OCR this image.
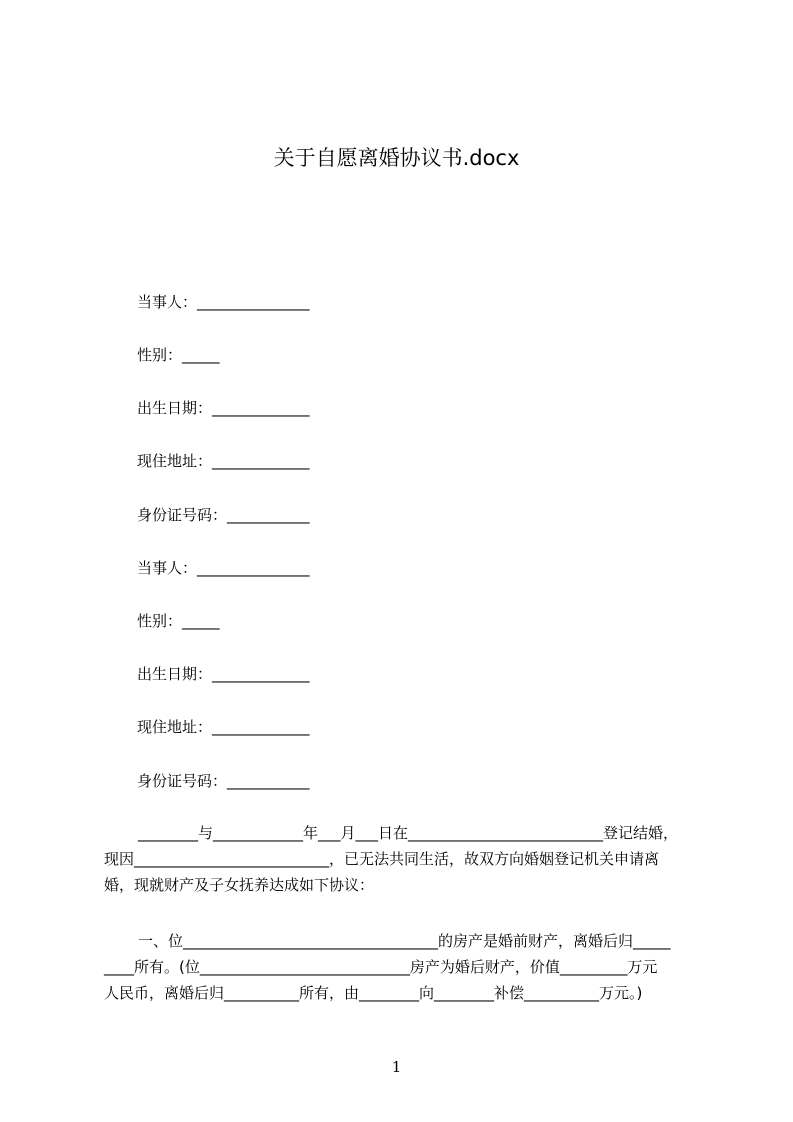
关于自愿离婚协议书.docx
当事人：_______________
性别：_____
出生日期：_____________
现住地址：_____________
身份证号码：___________
当事人：_______________
性别：_____
出生日期：_____________
现住地址：_____________
身份证号码：___________
________与____________年___月___日在__________________________登记结婚，
现因__________________________，已无法共同生活，故双方向婚姻登记机关申请离
婚，现就财产及子女抚养达成如下协议：
一、位__________________________________的房产是婚前财产，离婚后归_____
____所有。(位____________________________房产为婚后财产，价值_________万元
人民币，离婚后归__________所有，由________向________补偿__________万元。)
1
